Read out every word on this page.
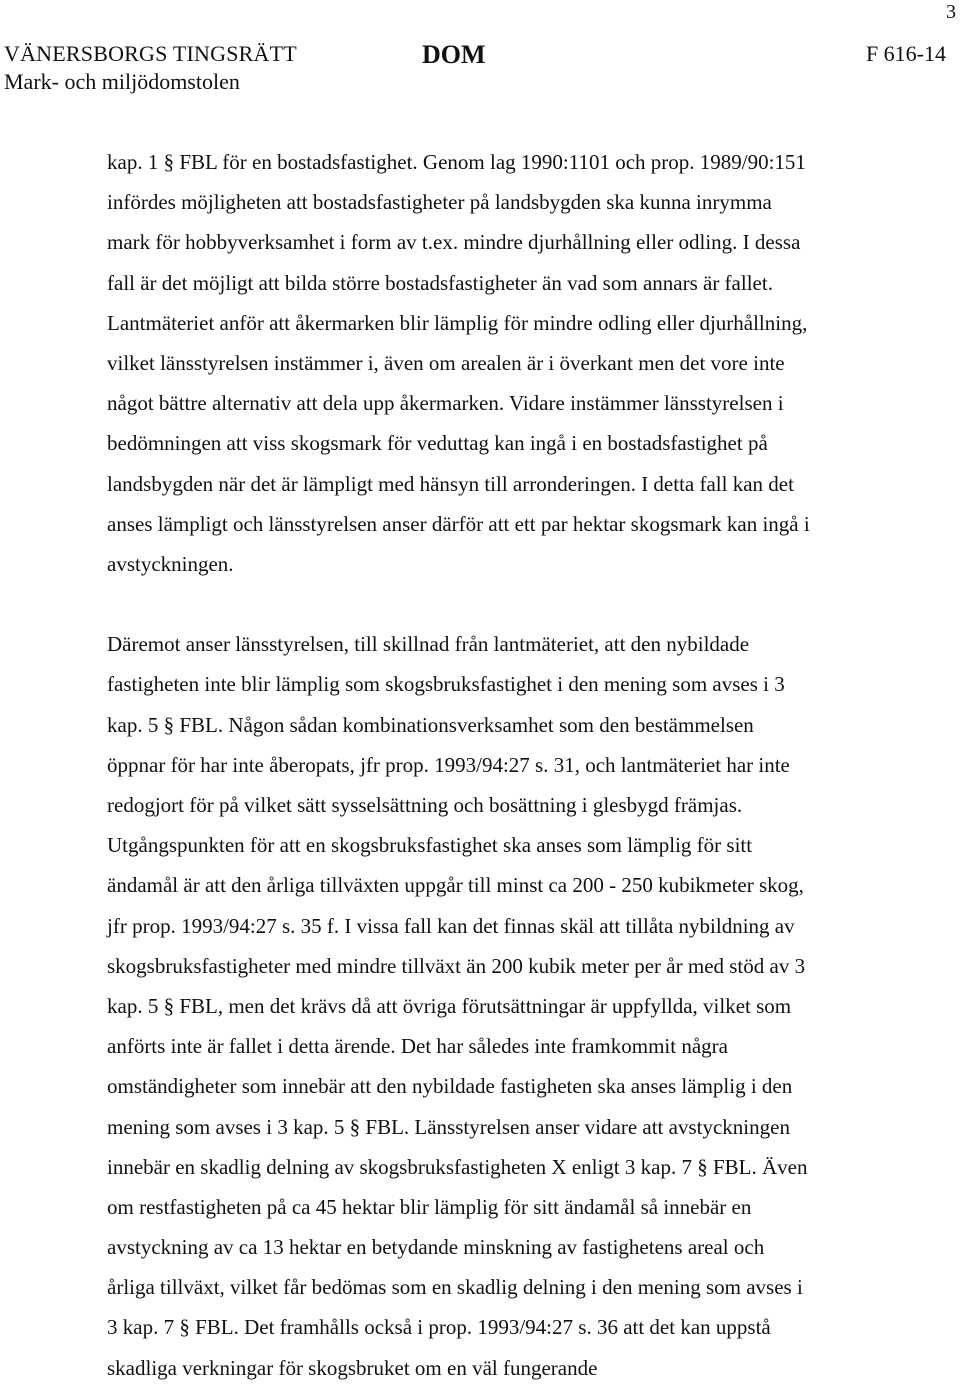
3
VÄNERSBORGS TINGSRÄTT
Mark- och miljödomstolen
DOM	F 616-14
kap. 1 § FBL för en bostadsfastighet. Genom lag 1990:1101 och prop. 1989/90:151
infördes möjligheten att bostadsfastigheter på landsbygden ska kunna inrymma
mark för hobbyverksamhet i form av t.ex. mindre djurhållning eller odling. I dessa
fall är det möjligt att bilda större bostadsfastigheter än vad som annars är fallet.
Lantmäteriet anför att åkermarken blir lämplig för mindre odling eller djurhållning,
vilket länsstyrelsen instämmer i, även om arealen är i överkant men det vore inte
något bättre alternativ att dela upp åkermarken. Vidare instämmer länsstyrelsen i
bedömningen att viss skogsmark för veduttag kan ingå i en bostadsfastighet på
landsbygden när det är lämpligt med hänsyn till arronderingen. I detta fall kan det
anses lämpligt och länsstyrelsen anser därför att ett par hektar skogsmark kan ingå i
avstyckningen.
Däremot anser länsstyrelsen, till skillnad från lantmäteriet, att den nybildade
fastigheten inte blir lämplig som skogsbruksfastighet i den mening som avses i 3
kap. 5 § FBL. Någon sådan kombinationsverksamhet som den bestämmelsen
öppnar för har inte åberopats, jfr prop. 1993/94:27 s. 31, och lantmäteriet har inte
redogjort för på vilket sätt sysselsättning och bosättning i glesbygd främjas.
Utgångspunkten för att en skogsbruksfastighet ska anses som lämplig för sitt
ändamål är att den årliga tillväxten uppgår till minst ca 200 - 250 kubikmeter skog,
jfr prop. 1993/94:27 s. 35 f. I vissa fall kan det finnas skäl att tillåta nybildning av
skogsbruksfastigheter med mindre tillväxt än 200 kubik meter per år med stöd av 3
kap. 5 § FBL, men det krävs då att övriga förutsättningar är uppfyllda, vilket som
anförts inte är fallet i detta ärende. Det har således inte framkommit några
omständigheter som innebär att den nybildade fastigheten ska anses lämplig i den
mening som avses i 3 kap. 5 § FBL. Länsstyrelsen anser vidare att avstyckningen
innebär en skadlig delning av skogsbruksfastigheten X enligt 3 kap. 7 § FBL. Även
om restfastigheten på ca 45 hektar blir lämplig för sitt ändamål så innebär en
avstyckning av ca 13 hektar en betydande minskning av fastighetens areal och
årliga tillväxt, vilket får bedömas som en skadlig delning i den mening som avses i
3 kap. 7 § FBL. Det framhålls också i prop. 1993/94:27 s. 36 att det kan uppstå
skadliga verkningar för skogsbruket om en väl fungerande
